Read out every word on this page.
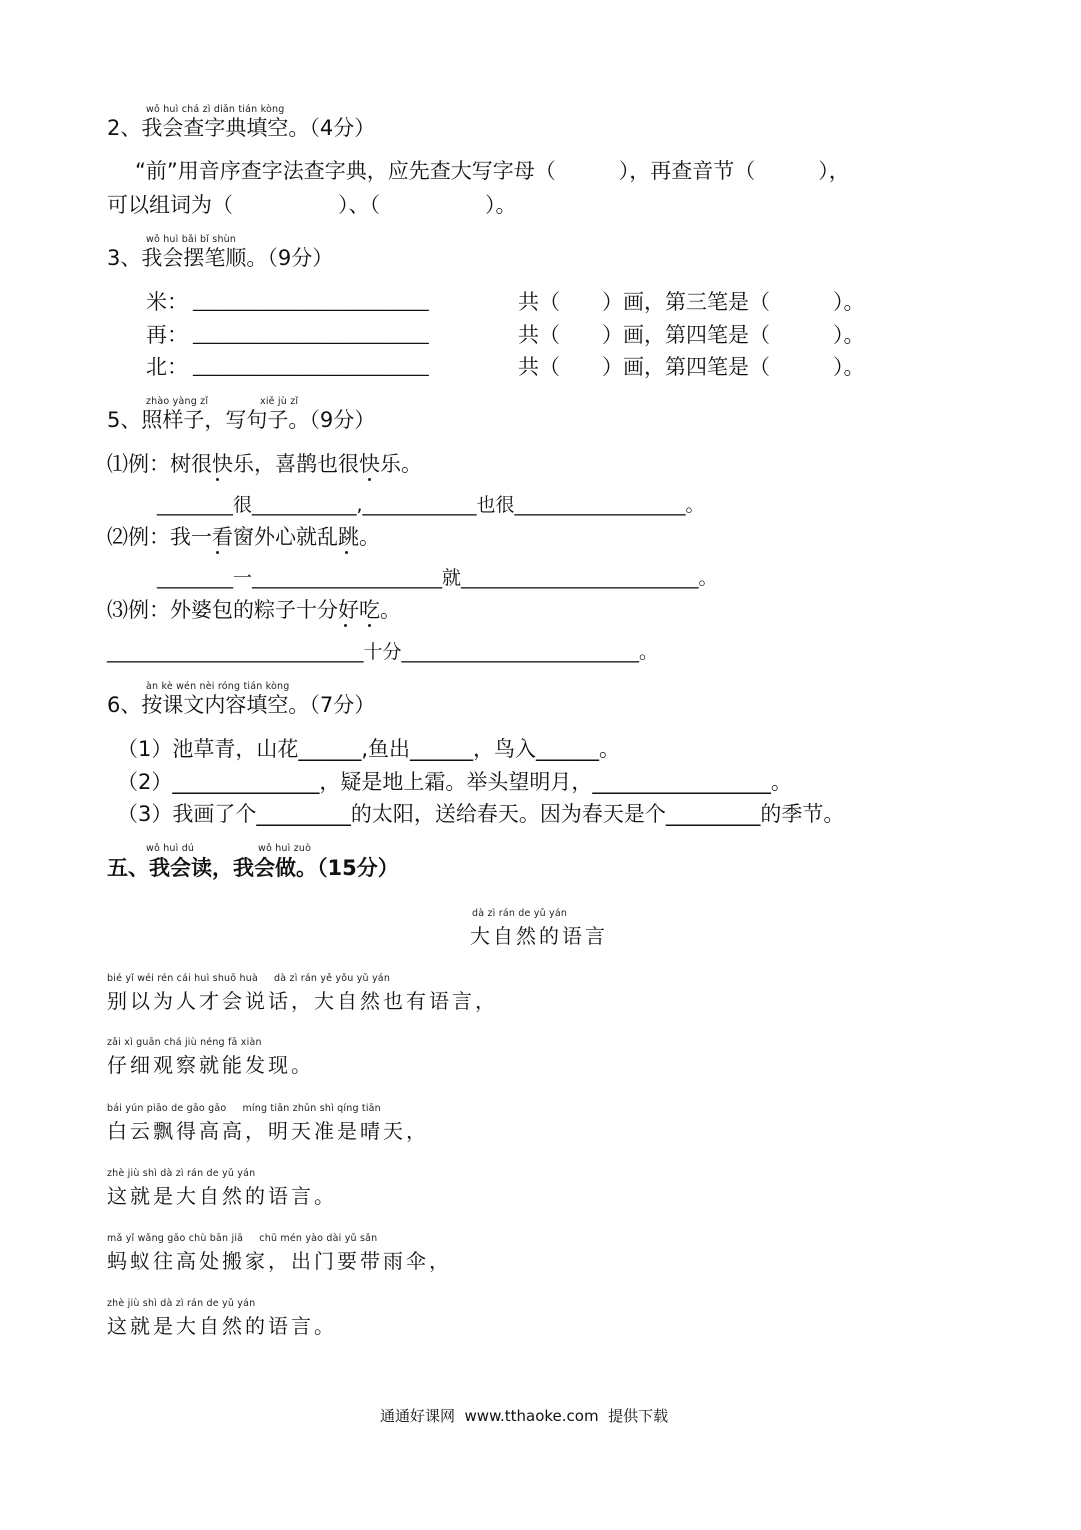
wǒ huì chá zì diǎn tián kòng
2、我会查字典填空。（4分）
“前”用音序查字法查字典，应先查大写字母（　　　），再查音节（　　　），
可以组词为（　　　　　）、（　　　　　）。
wǒ huì bǎi bǐ shùn
3、我会摆笔顺。（9分）
米： ____________________________	共（　　）画，第三笔是（　　　）。
再： ____________________________	共（　　）画，第四笔是（　　　）。
北： ____________________________	共（　　）画，第四笔是（　　　）。
zhào yàng zǐ	xiě jù zǐ
5、照样子，写句子。（9分）
⑴例：树很快乐，喜鹊也很快乐。
________很___________,____________也很__________________。
⑵例：我一看窗外心就乱跳。
________一____________________就_________________________。
⑶例：外婆包的粽子十分好吃。
___________________________十分_________________________。
àn kè wén nèi róng tián kòng
6、按课文内容填空。（7分）
（1）池草青，山花______,鱼出______，鸟入______。
（2）______________，疑是地上霜。举头望明月，_________________。
（3）我画了个_________的太阳，送给春天。因为春天是个_________的季节。
wǒ huì dú	wǒ huì zuò
五、我会读，我会做。（15分）
dà zì rán de yǔ yán
大自然的语言
bié yǐ wéi rén cái huì shuō huà     dà zì rán yě yǒu yǔ yán
别以为人才会说话，大自然也有语言，
zǎi xì guān chá jiù néng fā xiàn
仔细观察就能发现。
bái yún piāo de gāo gāo     míng tiān zhǔn shì qíng tiān
白云飘得高高，明天准是晴天，
zhè jiù shì dà zì rán de yǔ yán
这就是大自然的语言。
mǎ yǐ wǎng gāo chù bān jiā     chū mén yào dài yǔ sǎn
蚂蚁往高处搬家，出门要带雨伞，
zhè jiù shì dà zì rán de yǔ yán
这就是大自然的语言。
通通好课网  www.tthaoke.com  提供下载
